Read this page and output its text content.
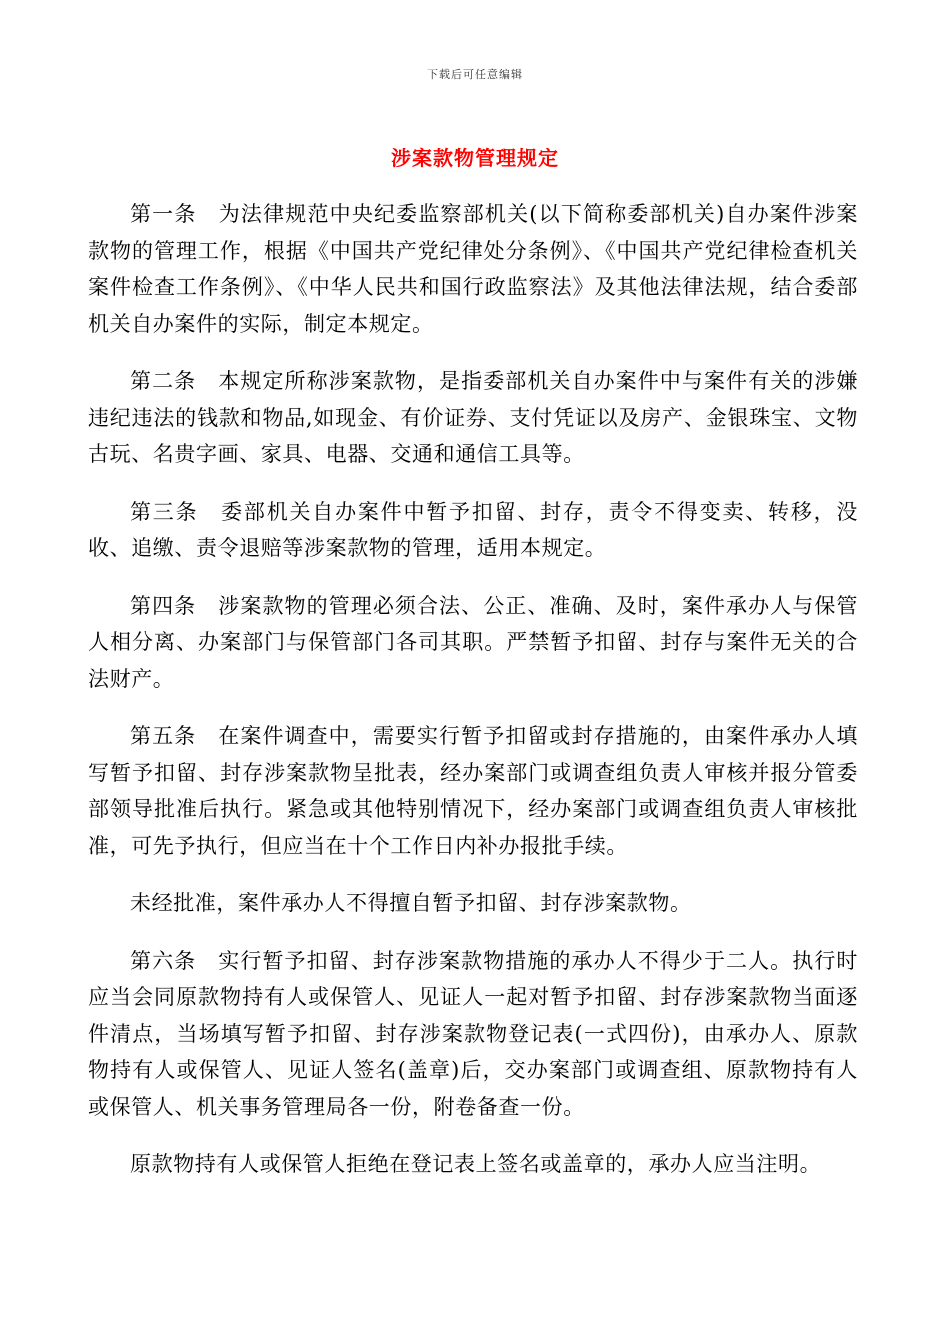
下载后可任意编辑
涉案款物管理规定

第一条　为法律规范中央纪委监察部机关(以下简称委部机关)自办案件涉案款物的管理工作，根据《中国共产党纪律处分条例》、《中国共产党纪律检查机关案件检查工作条例》、《中华人民共和国行政监察法》及其他法律法规，结合委部机关自办案件的实际，制定本规定。

第二条　本规定所称涉案款物，是指委部机关自办案件中与案件有关的涉嫌违纪违法的钱款和物品,如现金、有价证券、支付凭证以及房产、金银珠宝、文物古玩、名贵字画、家具、电器、交通和通信工具等。

第三条　委部机关自办案件中暂予扣留、封存，责令不得变卖、转移，没收、追缴、责令退赔等涉案款物的管理，适用本规定。

第四条　涉案款物的管理必须合法、公正、准确、及时，案件承办人与保管人相分离、办案部门与保管部门各司其职。严禁暂予扣留、封存与案件无关的合法财产。

第五条　在案件调查中，需要实行暂予扣留或封存措施的，由案件承办人填写暂予扣留、封存涉案款物呈批表，经办案部门或调查组负责人审核并报分管委部领导批准后执行。紧急或其他特别情况下，经办案部门或调查组负责人审核批准，可先予执行，但应当在十个工作日内补办报批手续。

未经批准，案件承办人不得擅自暂予扣留、封存涉案款物。

第六条　实行暂予扣留、封存涉案款物措施的承办人不得少于二人。执行时应当会同原款物持有人或保管人、见证人一起对暂予扣留、封存涉案款物当面逐件清点，当场填写暂予扣留、封存涉案款物登记表(一式四份)，由承办人、原款物持有人或保管人、见证人签名(盖章)后，交办案部门或调查组、原款物持有人或保管人、机关事务管理局各一份，附卷备查一份。

原款物持有人或保管人拒绝在登记表上签名或盖章的，承办人应当注明。
